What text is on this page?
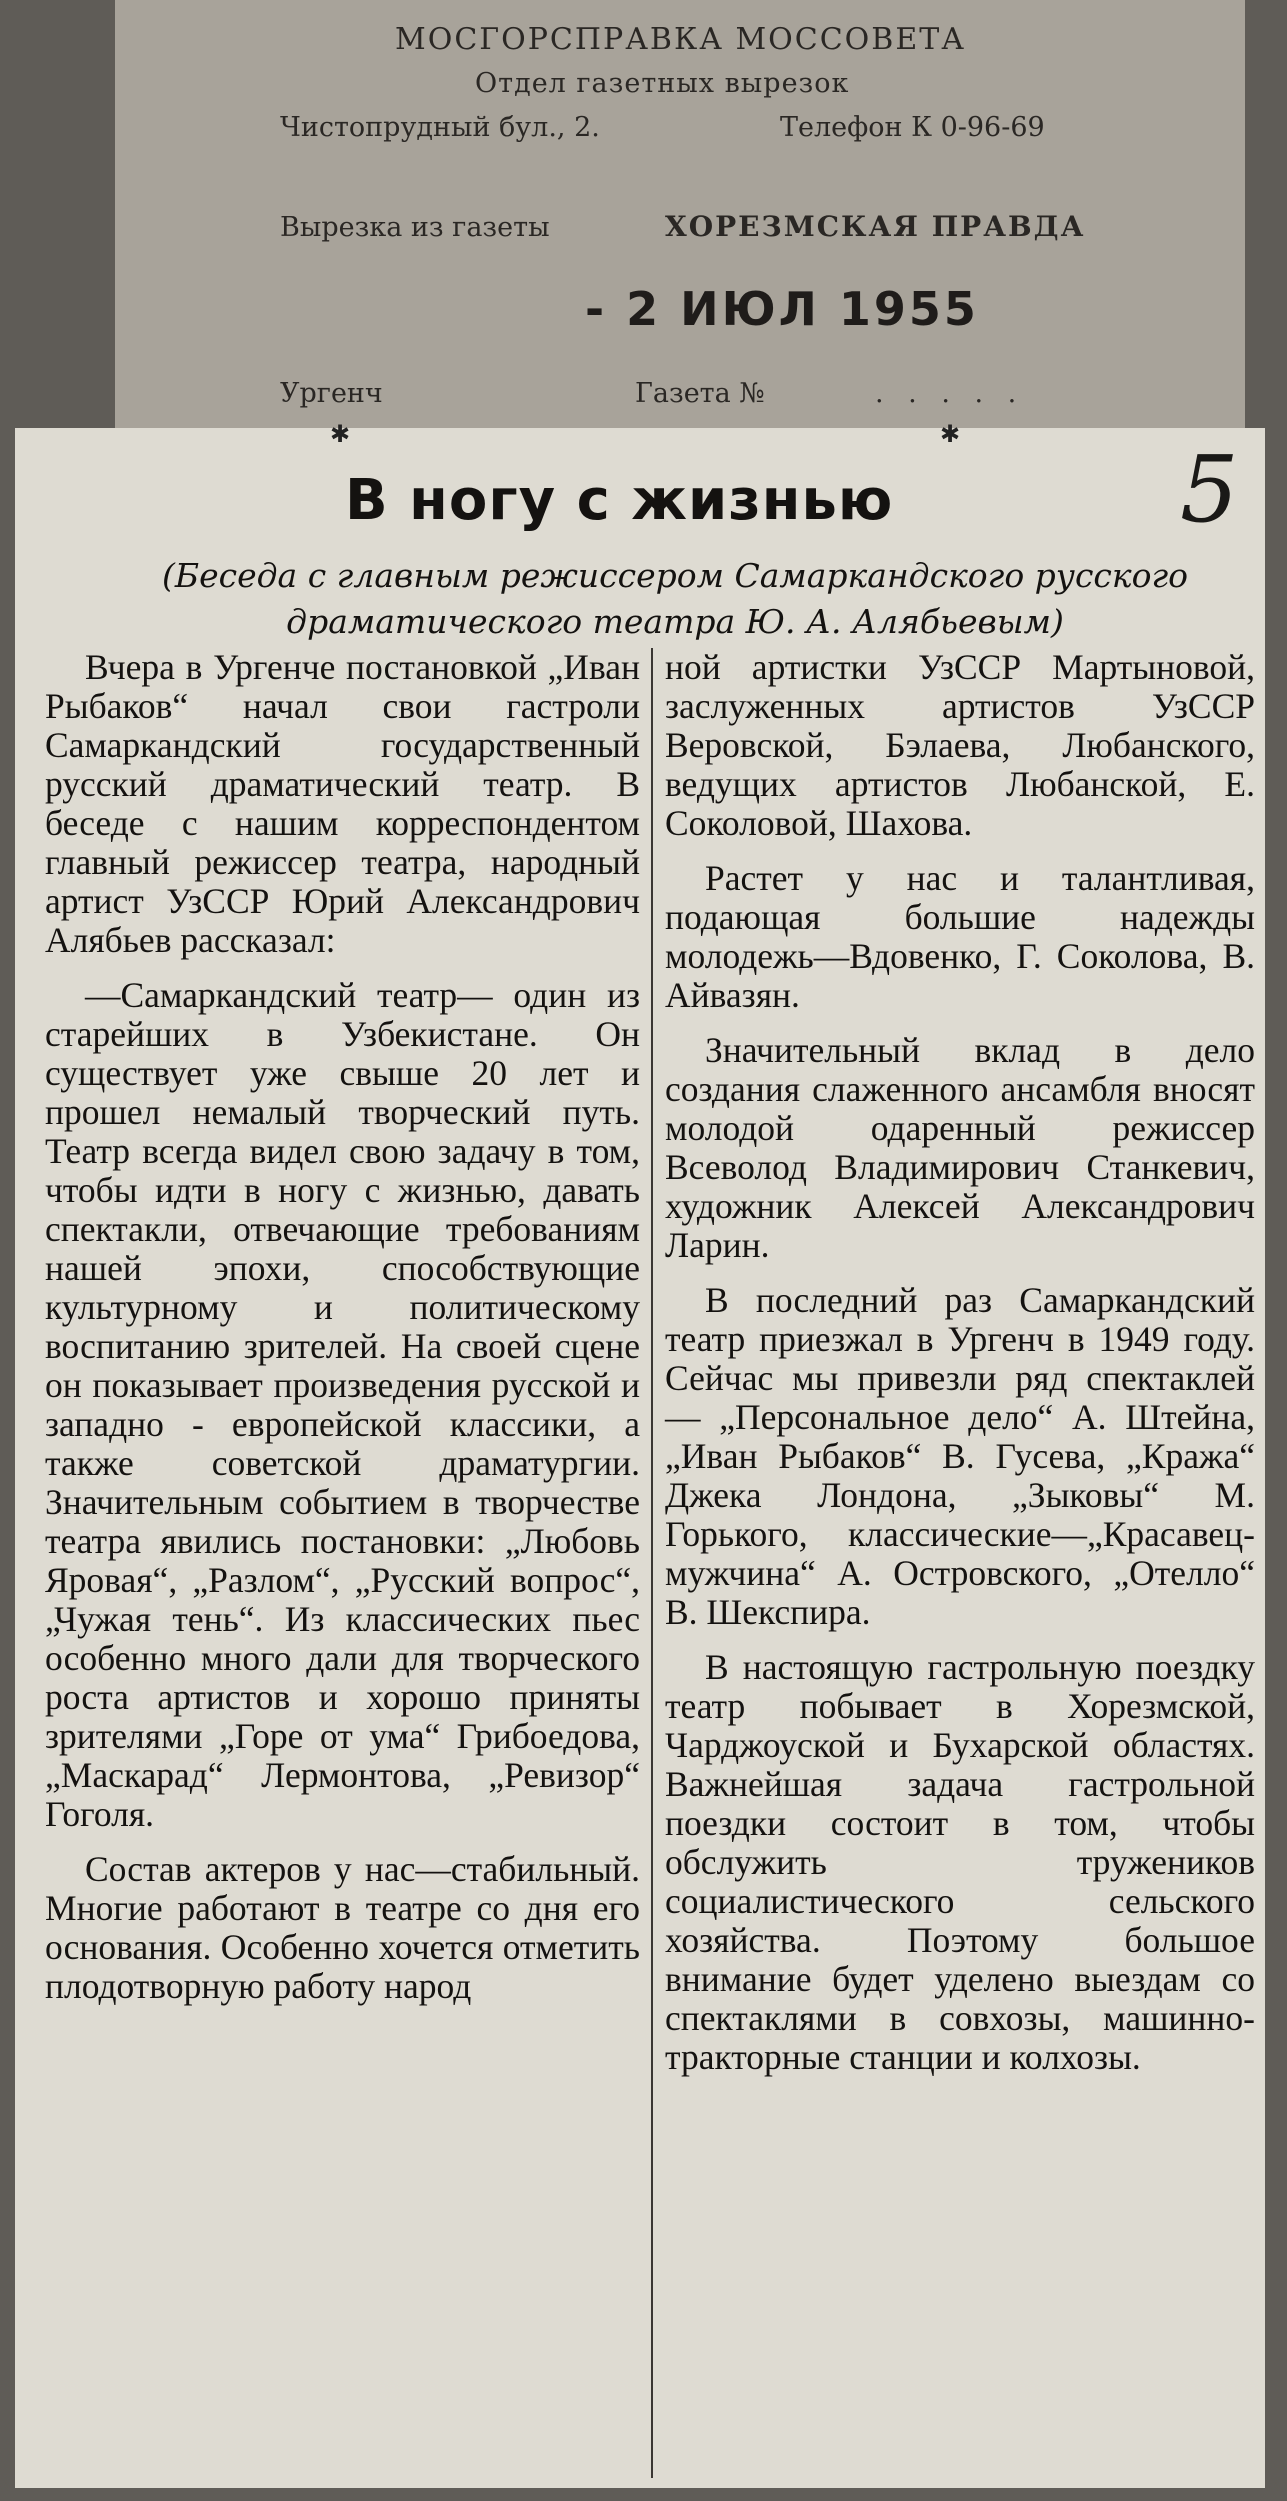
МОСГОРСПРАВКА МОССОВЕТА
Отдел газетных вырезок
Чистопрудный бул., 2.	Телефон К 0-96-69
Вырезка из газеты	ХОРЕЗМСКАЯ ПРАВДА
- 2 ИЮЛ 1955
Ургенч	Газета №	. . . . .
✱	✱
5
В ногу с жизнью
(Беседа с главным режиссером Самаркандского русского драматического театра Ю. А. Алябьевым)

Вчера в Ургенче постановкой „Иван Рыбаков“ начал свои гастроли Самаркандский государственный русский драматический театр. В беседе с нашим корреспондентом главный режиссер театра, народный артист УзССР Юрий Александрович Алябьев рассказал:

—Самаркандский театр— один из старейших в Узбекистане. Он существует уже свыше 20 лет и прошел немалый творческий путь. Театр всегда видел свою задачу в том, чтобы идти в ногу с жизнью, давать спектакли, отвечающие требованиям нашей эпохи, способствующие культурному и политическому воспитанию зрителей. На своей сцене он показывает произведения русской и западно - европейской классики, а также советской драматургии. Значительным событием в творчестве театра явились постановки: „Любовь Яровая“, „Разлом“, „Русский вопрос“, „Чужая тень“. Из классических пьес особенно много дали для творческого роста артистов и хорошо приняты зрителями „Горе от ума“ Грибоедова, „Маскарад“ Лермонтова, „Ревизор“ Гоголя.

Состав актеров у нас—стабильный. Многие работают в театре со дня его основания. Особенно хочется отметить плодотворную работу народ

ной артистки УзССР Мартыновой, заслуженных артистов УзССР Веровской, Бэлаева, Любанского, ведущих артистов Любанской, Е. Соколовой, Шахова.

Растет у нас и талантливая, подающая большие надежды молодежь—Вдовенко, Г. Соколова, В. Айвазян.

Значительный вклад в дело создания слаженного ансамбля вносят молодой одаренный режиссер Всеволод Владимирович Станкевич, художник Алексей Александрович Ларин.

В последний раз Самаркандский театр приезжал в Ургенч в 1949 году. Сейчас мы привезли ряд спектаклей — „Персональное дело“ А. Штейна, „Иван Рыбаков“ В. Гусева, „Кража“ Джека Лондона, „Зыковы“ М. Горького, классические—„Красавец-мужчина“ А. Островского, „Отелло“ В. Шекспира.

В настоящую гастрольную поездку театр побывает в Хорезмской, Чарджоуской и Бухарской областях. Важнейшая задача гастрольной поездки состоит в том, чтобы обслужить тружеников социалистического сельского хозяйства. Поэтому большое внимание будет уделено выездам со спектаклями в совхозы, машинно-тракторные станции и колхозы.
